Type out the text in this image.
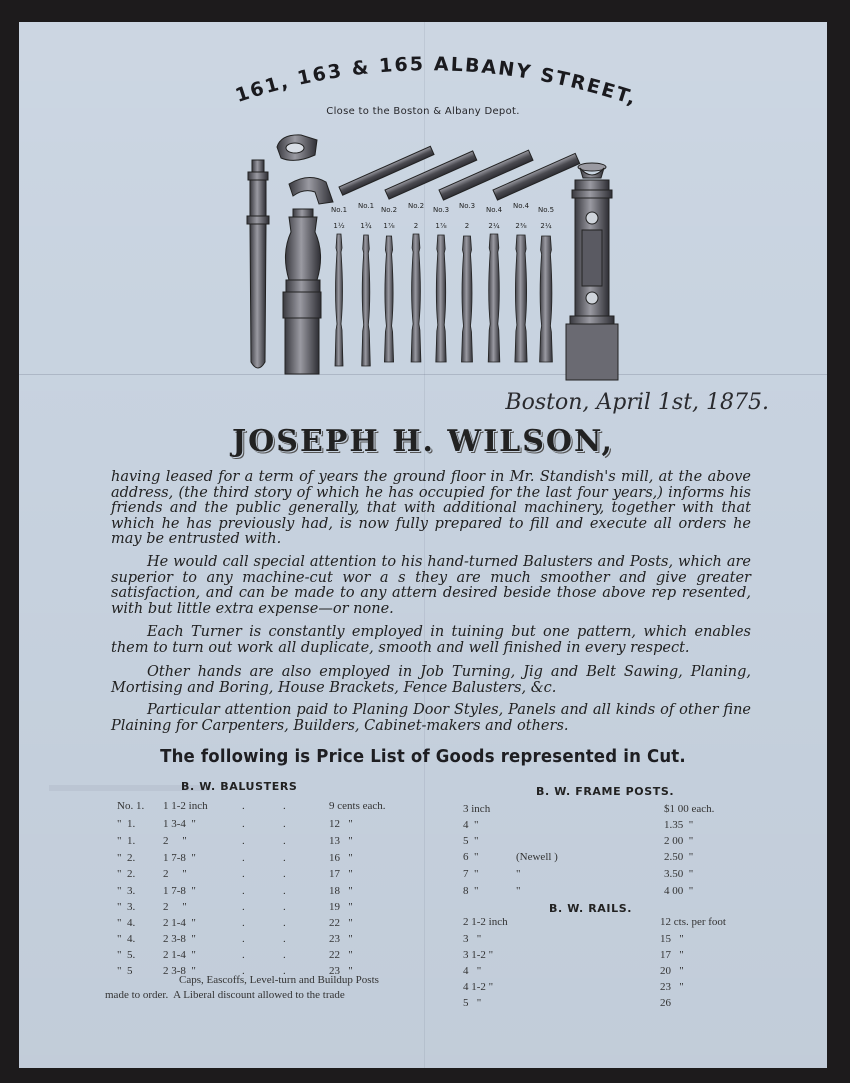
161, 163 & 165 ALBANY STREET,
Close to the Boston & Albany Depot.
No.1
1½
No.1
1¾
No.2
1⅞
No.2
2
No.3
1⅞
No.3
2
No.4
2¼
No.4
2⅜
No.5
2¼
Boston, April 1st, 1875.
JOSEPH H. WILSON,

having leased for a term of years the ground floor in Mr. Standish's mill, at the above address, (the third story of which he has occupied for the last four years,) informs his friends and the public generally, that with additional machinery, together with that which he has previously had, is now fully prepared to fill and execute all orders he may be entrusted with.

He would call special attention to his hand-turned Balusters and Posts, which are superior to any machine-cut wor a s they are much smoother and give greater satisfaction, and can be made to any attern desired beside those above rep resented, with but little extra expense—or none.

Each Turner is constantly employed in tuining but one pattern, which enables them to turn out work all duplicate, smooth and well finished in every respect.

Other hands are also employed in Job Turning, Jig and Belt Sawing, Planing, Mortising and Boring, House Brackets, Fence Balusters, &c.

Particular attention paid to Planing Door Styles, Panels and all kinds of other fine Plaining for Carpenters, Builders, Cabinet-makers and others.

The following is Price List of Goods represented in Cut.
B. W. BALUSTERS	B. W. FRAME POSTS.
B. W. RAILS.
No. 1. 1 1-2 inch	.	.	9 cents each.
"  1.	1 3-4  "	.	.	12   "
"  1.	2     "	.	.	13   "
"  2.	1 7-8  "	.	.	16   "
"  2.	2     "	.	.	17   "
"  3.	1 7-8  "	.	.	18   "
"  3.	2     "	.	.	19   "
"  4.	2 1-4  "	.	.	22   "
"  4.	2 3-8  "	.	.	23   "
"  5.	2 1-4  "	.	.	22   "
"  5	2 3-8  "	.	.	23   "
3 inch	$1 00 each.
4  "	1.35  "
5  "	2 00  "
6  "	(Newell )	2.50  "
7  "	"	3.50  "
8  "	"	4 00  "
2 1-2 inch	12 cts. per foot
3   "	15   "
3 1-2 "	17   "
4   "	20   "
4 1-2 "	23   "
5   "	26
Caps, Eascoffs, Level-turn and Buildup Posts
made to order.  A Liberal discount allowed to the trade
